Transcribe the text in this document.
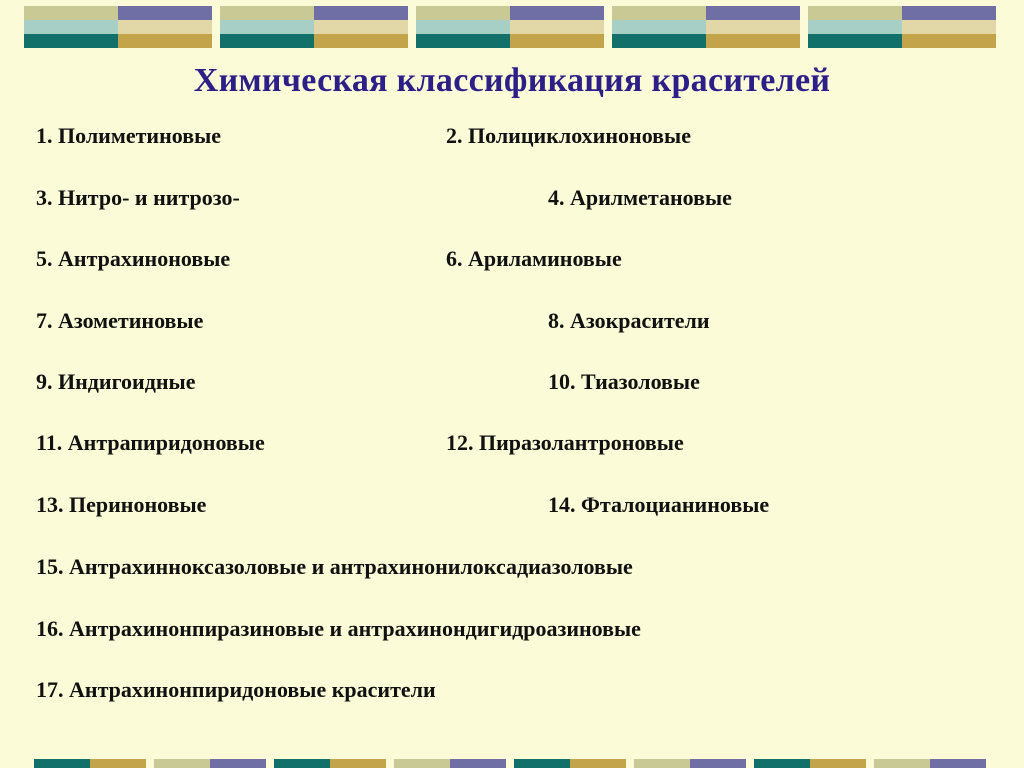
Химическая классификация красителей
1. Полиметиновые	2. Полициклохиноновые
3. Нитро- и нитрозо-	4. Арилметановые
5. Антрахиноновые	6. Ариламиновые
7. Азометиновые	8. Азокрасители
9. Индигоидные	10. Тиазоловые
11. Антрапиридоновые	12. Пиразолантроновые
13. Периноновые	14. Фталоцианиновые
15. Антрахинноксазоловые и антрахинонилоксадиазоловые
16. Антрахинонпиразиновые и антрахинондигидроазиновые
17. Антрахинонпиридоновые красители
